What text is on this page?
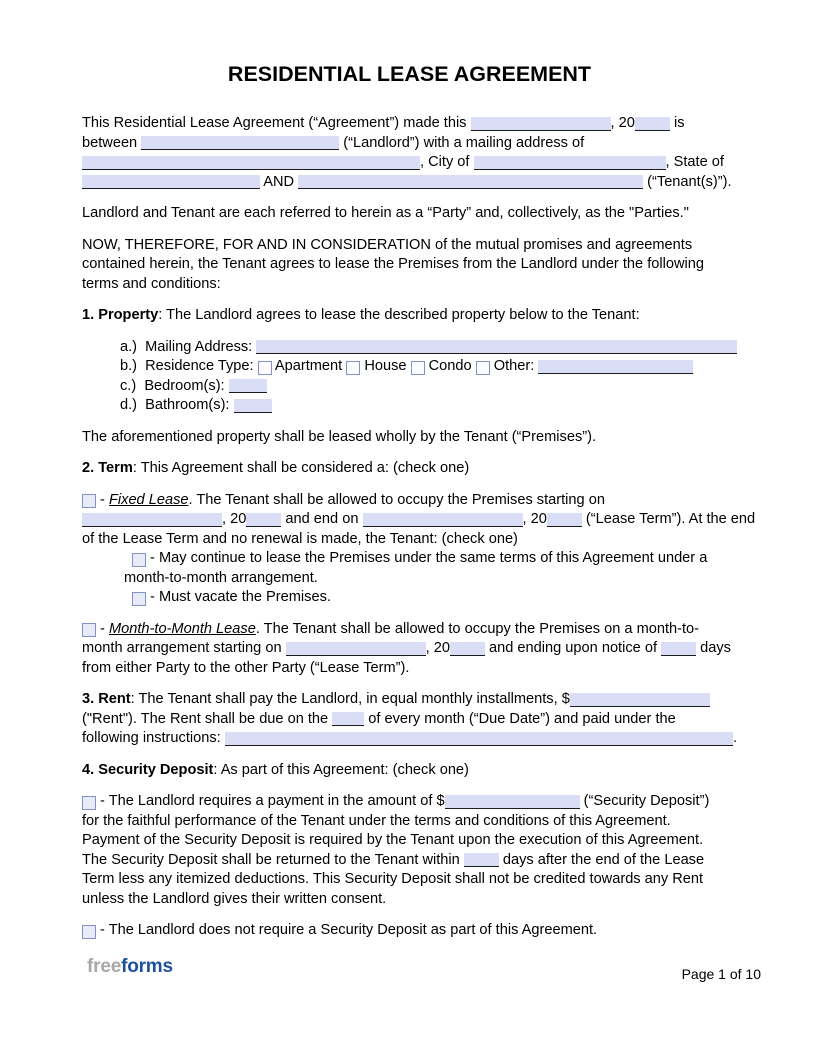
RESIDENTIAL LEASE AGREEMENT
This Residential Lease Agreement (“Agreement”) made this	, 20 is
between	(“Landlord”) with a mailing address of
, City of	, State of
AND	(“Tenant(s)”).
Landlord and Tenant are each referred to herein as a “Party” and, collectively, as the "Parties."
NOW, THEREFORE, FOR AND IN CONSIDERATION of the mutual promises and agreements
contained herein, the Tenant agrees to lease the Premises from the Landlord under the following
terms and conditions:
1. Property : The Landlord agrees to lease the described property below to the Tenant:
a.)  Mailing Address:
b.)  Residence Type: Apartment House Condo Other:
c.)  Bedroom(s):
d.)  Bathroom(s):
The aforementioned property shall be leased wholly by the Tenant (“Premises”).
2. Term : This Agreement shall be considered a: (check one)
- Fixed Lease . The Tenant shall be allowed to occupy the Premises starting on
, 20 and end on	, 20 (“Lease Term”). At the end
of the Lease Term and no renewal is made, the Tenant: (check one)
- May continue to lease the Premises under the same terms of this Agreement under a
month-to-month arrangement.
- Must vacate the Premises.
- Month-to-Month Lease . The Tenant shall be allowed to occupy the Premises on a month-to-
month arrangement starting on	, 20 and ending upon notice of days
from either Party to the other Party (“Lease Term”).
3. Rent : The Tenant shall pay the Landlord, in equal monthly installments, $
("Rent"). The Rent shall be due on the of every month (“Due Date”) and paid under the
following instructions:	.
4. Security Deposit : As part of this Agreement: (check one)
- The Landlord requires a payment in the amount of $	(“Security Deposit”)
for the faithful performance of the Tenant under the terms and conditions of this Agreement.
Payment of the Security Deposit is required by the Tenant upon the execution of this Agreement.
The Security Deposit shall be returned to the Tenant within days after the end of the Lease
Term less any itemized deductions. This Security Deposit shall not be credited towards any Rent
unless the Landlord gives their written consent.
- The Landlord does not require a Security Deposit as part of this Agreement.
freeforms	Page 1 of 10
